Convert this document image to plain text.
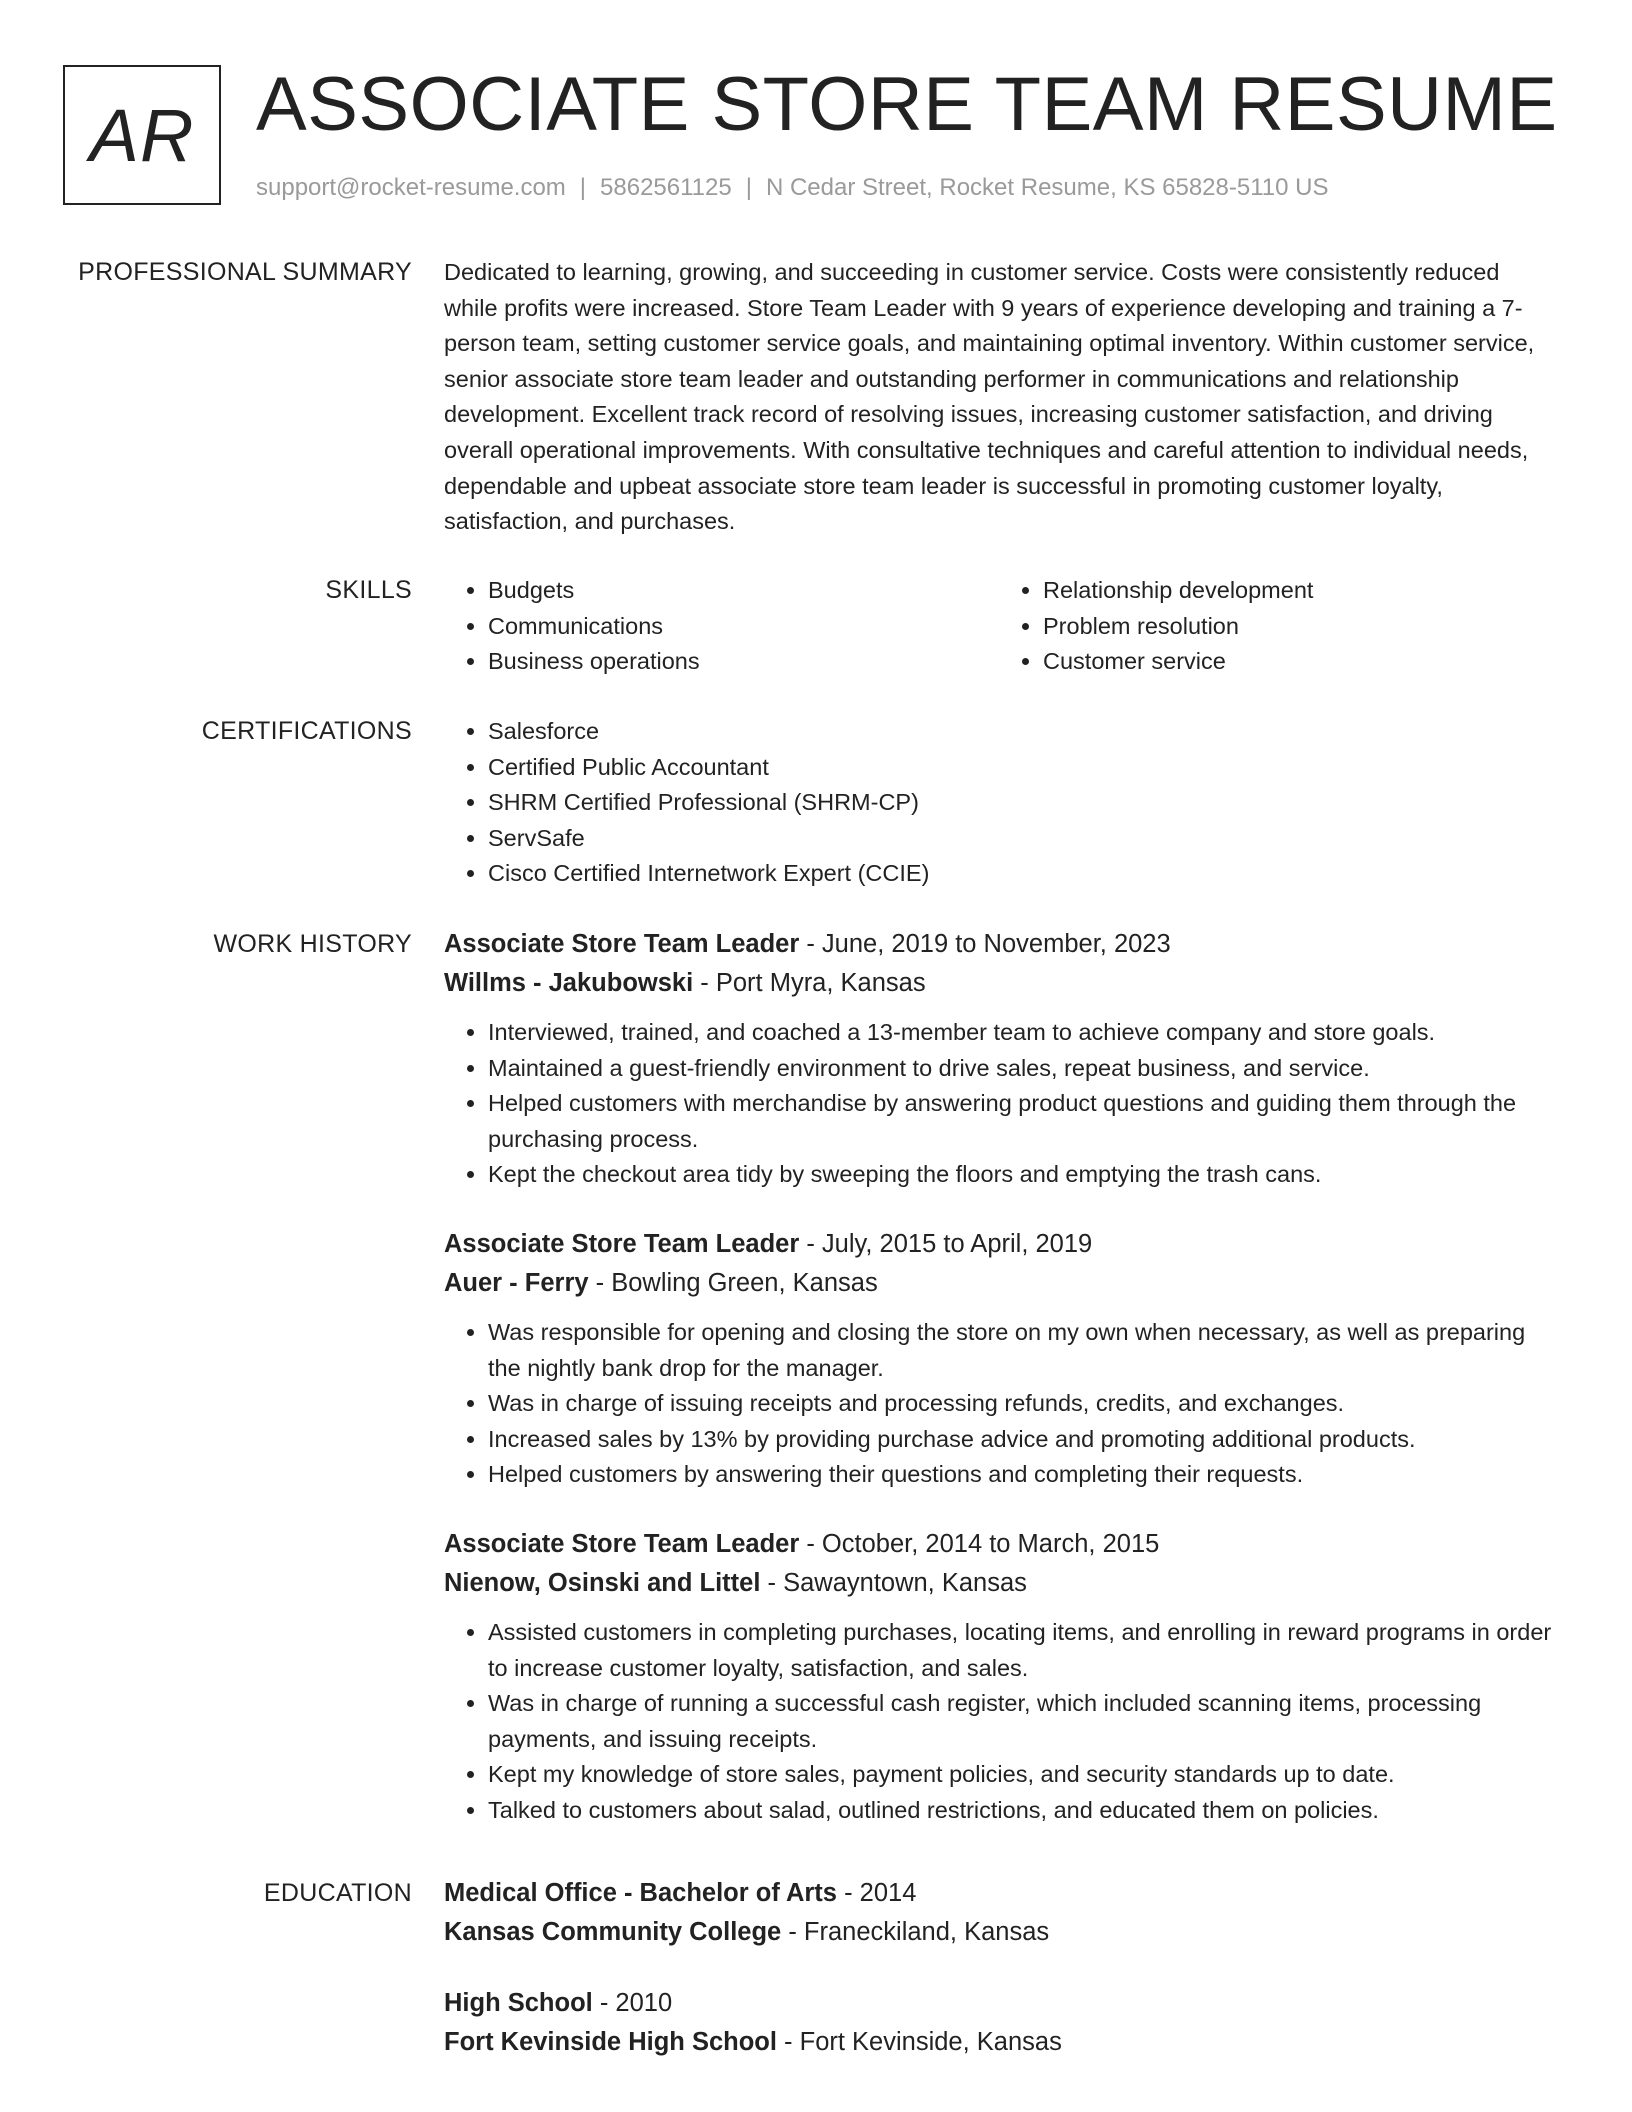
AR ASSOCIATE STORE TEAM RESUME
support@rocket-resume.com | 5862561125 | N Cedar Street, Rocket Resume, KS 65828-5110 US
PROFESSIONAL SUMMARY Dedicated to learning, growing, and succeeding in customer service. Costs were consistently reduced while profits were increased. Store Team Leader with 9 years of experience developing and training a 7-person team, setting customer service goals, and maintaining optimal inventory. Within customer service, senior associate store team leader and outstanding performer in communications and relationship development. Excellent track record of resolving issues, increasing customer satisfaction, and driving overall operational improvements. With consultative techniques and careful attention to individual needs, dependable and upbeat associate store team leader is successful in promoting customer loyalty, satisfaction, and purchases.

SKILLS	• Budgets
• Communications
• Business operations
• Relationship development
• Problem resolution
• Customer service
CERTIFICATIONS	• Salesforce
• Certified Public Accountant
• SHRM Certified Professional (SHRM-CP)
• ServSafe
• Cisco Certified Internetwork Expert (CCIE)
WORK HISTORY Associate Store Team Leader - June, 2019 to November, 2023
Willms - Jakubowski - Port Myra, Kansas
• Interviewed, trained, and coached a 13-member team to achieve company and store goals.
• Maintained a guest-friendly environment to drive sales, repeat business, and service.
• Helped customers with merchandise by answering product questions and guiding them through the purchasing process.
• Kept the checkout area tidy by sweeping the floors and emptying the trash cans.
Associate Store Team Leader - July, 2015 to April, 2019
Auer - Ferry - Bowling Green, Kansas
• Was responsible for opening and closing the store on my own when necessary, as well as preparing the nightly bank drop for the manager.
• Was in charge of issuing receipts and processing refunds, credits, and exchanges.
• Increased sales by 13% by providing purchase advice and promoting additional products.
• Helped customers by answering their questions and completing their requests.
Associate Store Team Leader - October, 2014 to March, 2015
Nienow, Osinski and Littel - Sawayntown, Kansas
• Assisted customers in completing purchases, locating items, and enrolling in reward programs in order to increase customer loyalty, satisfaction, and sales.
• Was in charge of running a successful cash register, which included scanning items, processing payments, and issuing receipts.
• Kept my knowledge of store sales, payment policies, and security standards up to date.
• Talked to customers about salad, outlined restrictions, and educated them on policies.
EDUCATION Medical Office - Bachelor of Arts - 2014
Kansas Community College - Franeckiland, Kansas
High School - 2010
Fort Kevinside High School - Fort Kevinside, Kansas
